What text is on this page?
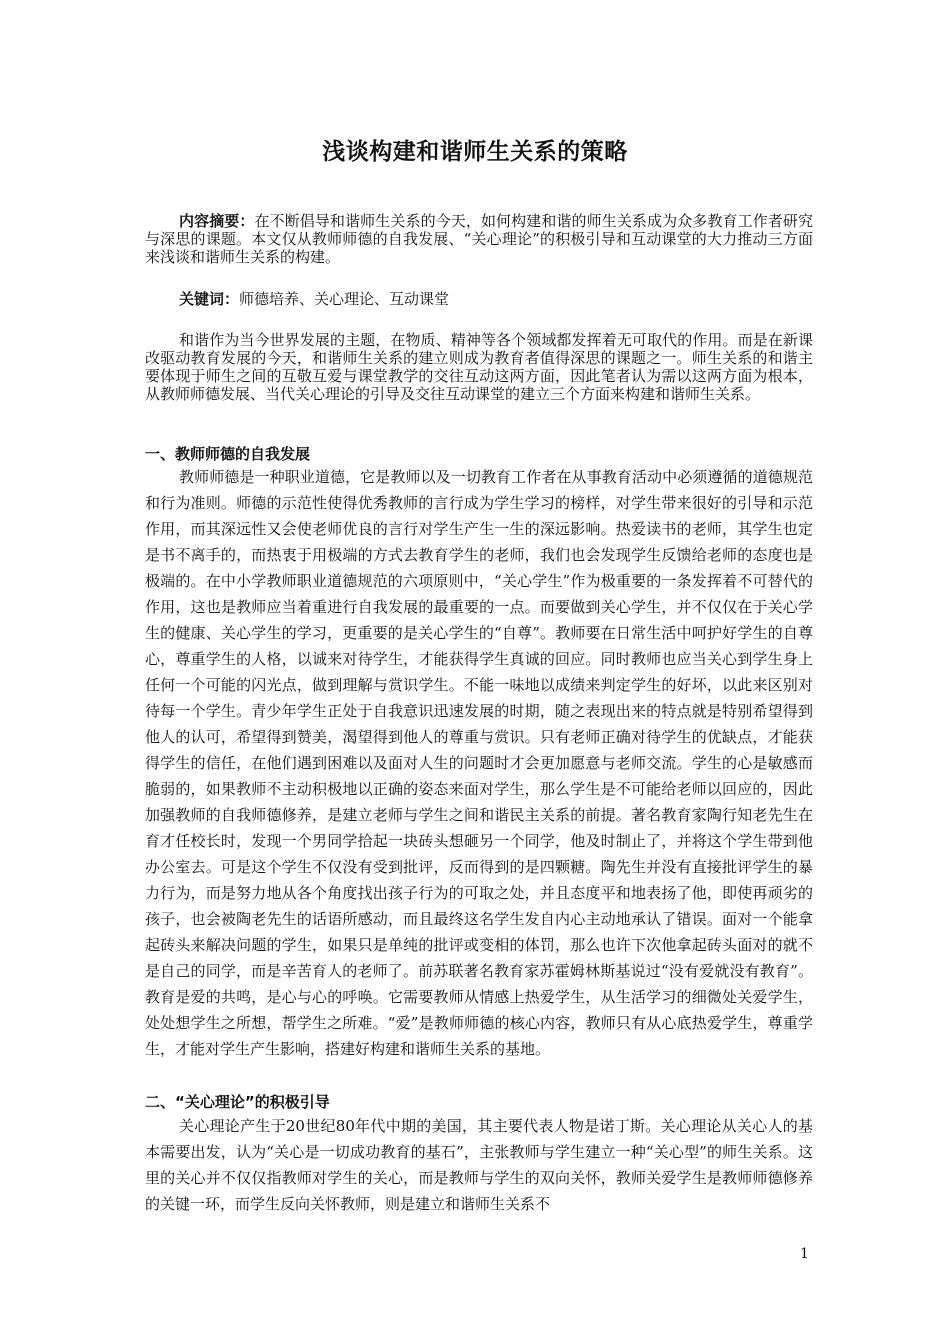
浅谈构建和谐师生关系的策略
内容摘要：在不断倡导和谐师生关系的今天，如何构建和谐的师生关系成为众多教育工作者研究与深思的课题。本文仅从教师师德的自我发展、“关心理论”的积极引导和互动课堂的大力推动三方面来浅谈和谐师生关系的构建。
关键词：师德培养、关心理论、互动课堂
和谐作为当今世界发展的主题，在物质、精神等各个领域都发挥着无可取代的作用。而是在新课改驱动教育发展的今天，和谐师生关系的建立则成为教育者值得深思的课题之一。师生关系的和谐主要体现于师生之间的互敬互爱与课堂教学的交往互动这两方面，因此笔者认为需以这两方面为根本，从教师师德发展、当代关心理论的引导及交往互动课堂的建立三个方面来构建和谐师生关系。
一、教师师德的自我发展
教师师德是一种职业道德，它是教师以及一切教育工作者在从事教育活动中必须遵循的道德规范和行为准则。师德的示范性使得优秀教师的言行成为学生学习的榜样，对学生带来很好的引导和示范作用，而其深远性又会使老师优良的言行对学生产生一生的深远影响。热爱读书的老师，其学生也定是书不离手的，而热衷于用极端的方式去教育学生的老师，我们也会发现学生反馈给老师的态度也是极端的。在中小学教师职业道德规范的六项原则中，“关心学生”作为极重要的一条发挥着不可替代的作用，这也是教师应当着重进行自我发展的最重要的一点。而要做到关心学生，并不仅仅在于关心学生的健康、关心学生的学习，更重要的是关心学生的“自尊”。教师要在日常生活中呵护好学生的自尊心，尊重学生的人格，以诚来对待学生，才能获得学生真诚的回应。同时教师也应当关心到学生身上任何一个可能的闪光点，做到理解与赏识学生。不能一味地以成绩来判定学生的好坏，以此来区别对待每一个学生。青少年学生正处于自我意识迅速发展的时期，随之表现出来的特点就是特别希望得到他人的认可，希望得到赞美，渴望得到他人的尊重与赏识。只有老师正确对待学生的优缺点，才能获得学生的信任，在他们遇到困难以及面对人生的问题时才会更加愿意与老师交流。学生的心是敏感而脆弱的，如果教师不主动积极地以正确的姿态来面对学生，那么学生是不可能给老师以回应的，因此加强教师的自我师德修养，是建立老师与学生之间和谐民主关系的前提。著名教育家陶行知老先生在育才任校长时，发现一个男同学拾起一块砖头想砸另一个同学，他及时制止了，并将这个学生带到他办公室去。可是这个学生不仅没有受到批评，反而得到的是四颗糖。陶先生并没有直接批评学生的暴力行为，而是努力地从各个角度找出孩子行为的可取之处，并且态度平和地表扬了他，即使再顽劣的孩子，也会被陶老先生的话语所感动，而且最终这名学生发自内心主动地承认了错误。面对一个能拿起砖头来解决问题的学生，如果只是单纯的批评或变相的体罚，那么也许下次他拿起砖头面对的就不是自己的同学，而是辛苦育人的老师了。前苏联著名教育家苏霍姆林斯基说过“没有爱就没有教育”。教育是爱的共鸣，是心与心的呼唤。它需要教师从情感上热爱学生，从生活学习的细微处关爱学生，处处想学生之所想，帮学生之所难。“爱”是教师师德的核心内容，教师只有从心底热爱学生，尊重学生，才能对学生产生影响，搭建好构建和谐师生关系的基地。
二、“关心理论”的积极引导
关心理论产生于20世纪80年代中期的美国，其主要代表人物是诺丁斯。关心理论从关心人的基本需要出发，认为“关心是一切成功教育的基石”，主张教师与学生建立一种“关心型”的师生关系。这里的关心并不仅仅指教师对学生的关心，而是教师与学生的双向关怀，教师关爱学生是教师师德修养的关键一环，而学生反向关怀教师，则是建立和谐师生关系不
1
